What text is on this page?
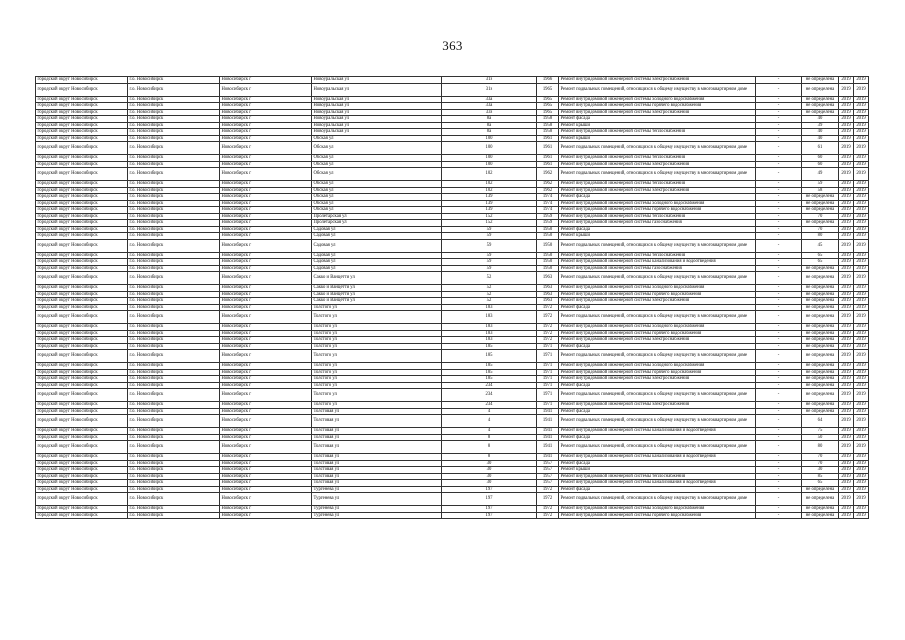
363
городской округ Новосибирск	г.о. Новосибирск	Новосибирск г	Новоуральская ул	31з	1966	Ремонт внутридомовой инженерной системы электроснабжения	-	не определена	2019	2019
городской округ Новосибирск	г.о. Новосибирск	Новосибирск г	Новоуральская ул	31з	1965	Ремонт подвальных помещений, относящихся к общему имуществу в многоквартирном доме	-	не определена	2019	2019
городской округ Новосибирск	г.о. Новосибирск	Новосибирск г	Новоуральская ул	33а	1965	Ремонт внутридомовой инженерной системы холодного водоснабжения	-	не определена	2019	2019
городской округ Новосибирск	г.о. Новосибирск	Новосибирск г	Новоуральская ул	33а	1965	Ремонт внутридомовой инженерной системы горячего водоснабжения	-	не определена	2019	2019
городской округ Новосибирск	г.о. Новосибирск	Новосибирск г	Новоуральская ул	33з	1965	Ремонт внутридомовой инженерной системы электроснабжения	-	не определена	2019	2019
городской округ Новосибирск	г.о. Новосибирск	Новосибирск г	Новоуральская ул	8а	1958	Ремонт фасада	-	40	2019	2019
городской округ Новосибирск	г.о. Новосибирск	Новосибирск г	Новоуральская ул	8а	1958	Ремонт крыши	-	39	2019	2019
городской округ Новосибирск	г.о. Новосибирск	Новосибирск г	Новоуральская ул	8а	1958	Ремонт внутридомовой инженерной системы теплоснабжения	-	40	2019	2019
городской округ Новосибирск	г.о. Новосибирск	Новосибирск г	Обская ул	100	1961	Ремонт крыши	-	40	2019	2019
городской округ Новосибирск	г.о. Новосибирск	Новосибирск г	Обская ул	100	1961	Ремонт подвальных помещений, относящихся к общему имуществу в многоквартирном доме	-	61	2019	2019
городской округ Новосибирск	г.о. Новосибирск	Новосибирск г	Обская ул	100	1961	Ремонт внутридомовой инженерной системы теплоснабжения	-	60	2019	2019
городской округ Новосибирск	г.о. Новосибирск	Новосибирск г	Обская ул	100	1961	Ремонт внутридомовой инженерной системы электроснабжения	-	60	2019	2019
городской округ Новосибирск	г.о. Новосибирск	Новосибирск г	Обская ул	102	1962	Ремонт подвальных помещений, относящихся к общему имуществу в многоквартирном доме	-	49	2019	2019
городской округ Новосибирск	г.о. Новосибирск	Новосибирск г	Обская ул	102	1962	Ремонт внутридомовой инженерной системы теплоснабжения	-	59	2019	2019
городской округ Новосибирск	г.о. Новосибирск	Новосибирск г	Обская ул	102	1962	Ремонт внутридомовой инженерной системы электроснабжения	-	58	2019	2019
городской округ Новосибирск	г.о. Новосибирск	Новосибирск г	Обская ул	139	1974	Ремонт фасада	-	не определена	2019	2019
городской округ Новосибирск	г.о. Новосибирск	Новосибирск г	Обская ул	139	1974	Ремонт внутридомовой инженерной системы холодного водоснабжения	-	не определена	2019	2019
городской округ Новосибирск	г.о. Новосибирск	Новосибирск г	Обская ул	139	1974	Ремонт внутридомовой инженерной системы горячего водоснабжения	-	не определена	2019	2019
городской округ Новосибирск	г.о. Новосибирск	Новосибирск г	Пролетарская ул	152	1959	Ремонт внутридомовой инженерной системы теплоснабжения	-	70	2019	2019
городской округ Новосибирск	г.о. Новосибирск	Новосибирск г	Пролетарская ул	152	1959	Ремонт внутридомовой инженерной системы газоснабжения	-	не определена	2019	2019
городской округ Новосибирск	г.о. Новосибирск	Новосибирск г	Садовая ул	59	1950	Ремонт фасада	-	70	2019	2019
городской округ Новосибирск	г.о. Новосибирск	Новосибирск г	Садовая ул	59	1950	Ремонт крыши	-	80	2019	2019
городской округ Новосибирск	г.о. Новосибирск	Новосибирск г	Садовая ул	59	1950	Ремонт подвальных помещений, относящихся к общему имуществу в многоквартирном доме	-	45	2019	2019
городской округ Новосибирск	г.о. Новосибирск	Новосибирск г	Садовая ул	59	1950	Ремонт внутридомовой инженерной системы теплоснабжения	-	65	2019	2019
городской округ Новосибирск	г.о. Новосибирск	Новосибирск г	Садовая ул	59	1950	Ремонт внутридомовой инженерной системы канализования и водоотведения	-	65	2019	2019
городской округ Новосибирск	г.о. Новосибирск	Новосибирск г	Садовая ул	59	1950	Ремонт внутридомовой инженерной системы газоснабжения	-	не определена	2019	2019
городской округ Новосибирск	г.о. Новосибирск	Новосибирск г	Сакко и Ванцетти ул	52	1963	Ремонт подвальных помещений, относящихся к общему имуществу в многоквартирном доме	-	не определена	2019	2019
городской округ Новосибирск	г.о. Новосибирск	Новосибирск г	Сакко и Ванцетти ул	52	1963	Ремонт внутридомовой инженерной системы холодного водоснабжения	-	не определена	2019	2019
городской округ Новосибирск	г.о. Новосибирск	Новосибирск г	Сакко и Ванцетти ул	52	1963	Ремонт внутридомовой инженерной системы горячего водоснабжения	-	не определена	2019	2019
городской округ Новосибирск	г.о. Новосибирск	Новосибирск г	Сакко и Ванцетти ул	52	1963	Ремонт внутридомовой инженерной системы электроснабжения	-	не определена	2019	2019
городской округ Новосибирск	г.о. Новосибирск	Новосибирск г	Толстого ул	183	1972	Ремонт фасада	-	не определена	2019	2019
городской округ Новосибирск	г.о. Новосибирск	Новосибирск г	Толстого ул	183	1972	Ремонт подвальных помещений, относящихся к общему имуществу в многоквартирном доме	-	не определена	2019	2019
городской округ Новосибирск	г.о. Новосибирск	Новосибирск г	Толстого ул	183	1972	Ремонт внутридомовой инженерной системы холодного водоснабжения	-	не определена	2019	2019
городской округ Новосибирск	г.о. Новосибирск	Новосибирск г	Толстого ул	183	1972	Ремонт внутридомовой инженерной системы горячего водоснабжения	-	не определена	2019	2019
городской округ Новосибирск	г.о. Новосибирск	Новосибирск г	Толстого ул	183	1972	Ремонт внутридомовой инженерной системы электроснабжения	-	не определена	2019	2019
городской округ Новосибирск	г.о. Новосибирск	Новосибирск г	Толстого ул	185	1971	Ремонт фасада	-	не определена	2019	2019
городской округ Новосибирск	г.о. Новосибирск	Новосибирск г	Толстого ул	185	1971	Ремонт подвальных помещений, относящихся к общему имуществу в многоквартирном доме	-	не определена	2019	2019
городской округ Новосибирск	г.о. Новосибирск	Новосибирск г	Толстого ул	185	1971	Ремонт внутридомовой инженерной системы холодного водоснабжения	-	не определена	2019	2019
городской округ Новосибирск	г.о. Новосибирск	Новосибирск г	Толстого ул	185	1971	Ремонт внутридомовой инженерной системы горячего водоснабжения	-	не определена	2019	2019
городской округ Новосибирск	г.о. Новосибирск	Новосибирск г	Толстого ул	185	1971	Ремонт внутридомовой инженерной системы электроснабжения	-	не определена	2019	2019
городской округ Новосибирск	г.о. Новосибирск	Новосибирск г	Толстого ул	234	1971	Ремонт фасада	-	не определена	2019	2019
городской округ Новосибирск	г.о. Новосибирск	Новосибирск г	Толстого ул	234	1971	Ремонт подвальных помещений, относящихся к общему имуществу в многоквартирном доме	-	не определена	2019	2019
городской округ Новосибирск	г.о. Новосибирск	Новосибирск г	Толстого ул	234	1971	Ремонт внутридомовой инженерной системы электроснабжения	-	не определена	2019	2019
городской округ Новосибирск	г.о. Новосибирск	Новосибирск г	Толстовая ул	4	1941	Ремонт фасада	-	не определена	2019	2019
городской округ Новосибирск	г.о. Новосибирск	Новосибирск г	Толстовая ул	4	1941	Ремонт подвальных помещений, относящихся к общему имуществу в многоквартирном доме	-	64	2019	2019
городской округ Новосибирск	г.о. Новосибирск	Новосибирск г	Толстовая ул	4	1941	Ремонт внутридомовой инженерной системы канализования и водоотведения	-	75	2019	2019
городской округ Новосибирск	г.о. Новосибирск	Новосибирск г	Толстовая ул	8	1941	Ремонт фасада	-	50	2019	2019
городской округ Новосибирск	г.о. Новосибирск	Новосибирск г	Толстовая ул	8	1941	Ремонт подвальных помещений, относящихся к общему имуществу в многоквартирном доме	-	80	2019	2019
городской округ Новосибирск	г.о. Новосибирск	Новосибирск г	Толстовая ул	8	1941	Ремонт внутридомовой инженерной системы канализования и водоотведения	-	70	2019	2019
городской округ Новосибирск	г.о. Новосибирск	Новосибирск г	Толстовая ул	30	1957	Ремонт фасада	-	70	2019	2019
городской округ Новосибирск	г.о. Новосибирск	Новосибирск г	Толстовая ул	30	1957	Ремонт крыши	-	30	2019	2019
городской округ Новосибирск	г.о. Новосибирск	Новосибирск г	Толстовая ул	30	1957	Ремонт внутридомовой инженерной системы теплоснабжения	-	85	2019	2019
городской округ Новосибирск	г.о. Новосибирск	Новосибирск г	Толстовая ул	30	1957	Ремонт внутридомовой инженерной системы канализования и водоотведения	-	65	2019	2019
городской округ Новосибирск	г.о. Новосибирск	Новосибирск г	Тургенева ул	197	1972	Ремонт фасада	-	не определена	2019	2019
городской округ Новосибирск	г.о. Новосибирск	Новосибирск г	Тургенева ул	197	1972	Ремонт подвальных помещений, относящихся к общему имуществу в многоквартирном доме	-	не определена	2019	2019
городской округ Новосибирск	г.о. Новосибирск	Новосибирск г	Тургенева ул	197	1972	Ремонт внутридомовой инженерной системы холодного водоснабжения	-	не определена	2019	2019
городской округ Новосибирск	г.о. Новосибирск	Новосибирск г	Тургенева ул	197	1972	Ремонт внутридомовой инженерной системы горячего водоснабжения	-	не определена	2019	2019
